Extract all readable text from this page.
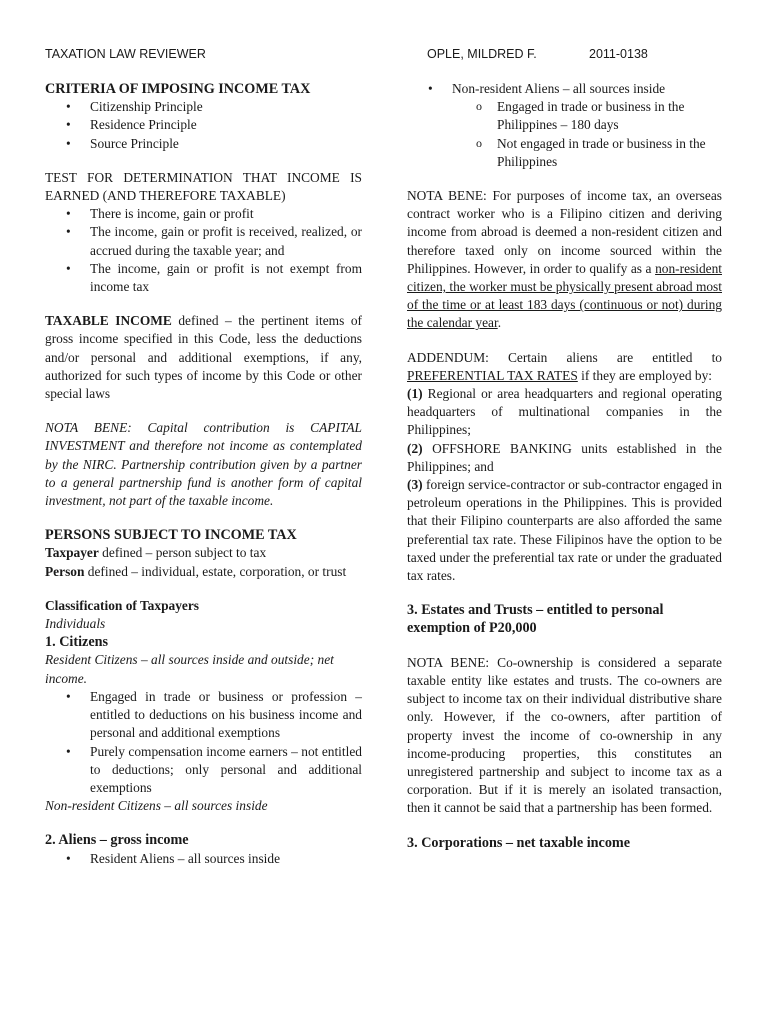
TAXATION LAW REVIEWER	OPLE, MILDRED F.	2011-0138

CRITERIA OF IMPOSING INCOME TAX

• Citizenship Principle

• Residence Principle

• Source Principle

TEST FOR DETERMINATION THAT INCOME IS EARNED (AND THEREFORE TAXABLE)

• There is income, gain or profit

• The income, gain or profit is received, realized, or accrued during the taxable year; and

• The income, gain or profit is not exempt from income tax

TAXABLE INCOME defined – the pertinent items of gross income specified in this Code, less the deductions and/or personal and additional exemptions, if any, authorized for such types of income by this Code or other special laws

NOTA BENE: Capital contribution is CAPITAL INVESTMENT and therefore not income as contemplated by the NIRC. Partnership contribution given by a partner to a general partnership fund is another form of capital investment, not part of the taxable income.

PERSONS SUBJECT TO INCOME TAX

Taxpayer defined – person subject to tax

Person defined – individual, estate, corporation, or trust

Classification of Taxpayers

Individuals

1. Citizens

Resident Citizens – all sources inside and outside; net income.

• Engaged in trade or business or profession – entitled to deductions on his business income and personal and additional exemptions

• Purely compensation income earners – not entitled to deductions; only personal and additional exemptions

Non-resident Citizens – all sources inside

2. Aliens – gross income

• Resident Aliens – all sources inside

• Non-resident Aliens – all sources inside

o Engaged in trade or business in the Philippines – 180 days

o Not engaged in trade or business in the Philippines

NOTA BENE: For purposes of income tax, an overseas contract worker who is a Filipino citizen and deriving income from abroad is deemed a non-resident citizen and therefore taxed only on income sourced within the Philippines. However, in order to qualify as a non-resident citizen, the worker must be physically present abroad most of the time or at least 183 days (continuous or not) during the calendar year.

ADDENDUM: Certain aliens are entitled to PREFERENTIAL TAX RATES if they are employed by:

(1) Regional or area headquarters and regional operating headquarters of multinational companies in the Philippines;

(2) OFFSHORE BANKING units established in the Philippines; and

(3) foreign service-contractor or sub-contractor engaged in petroleum operations in the Philippines. This is provided that their Filipino counterparts are also afforded the same preferential tax rate. These Filipinos have the option to be taxed under the preferential tax rate or under the graduated tax rates.

3. Estates and Trusts – entitled to personal exemption of P20,000

NOTA BENE: Co-ownership is considered a separate taxable entity like estates and trusts. The co-owners are subject to income tax on their individual distributive share only. However, if the co-owners, after partition of property invest the income of co-ownership in any income-producing properties, this constitutes an unregistered partnership and subject to income tax as a corporation. But if it is merely an isolated transaction, then it cannot be said that a partnership has been formed.

3. Corporations – net taxable income
